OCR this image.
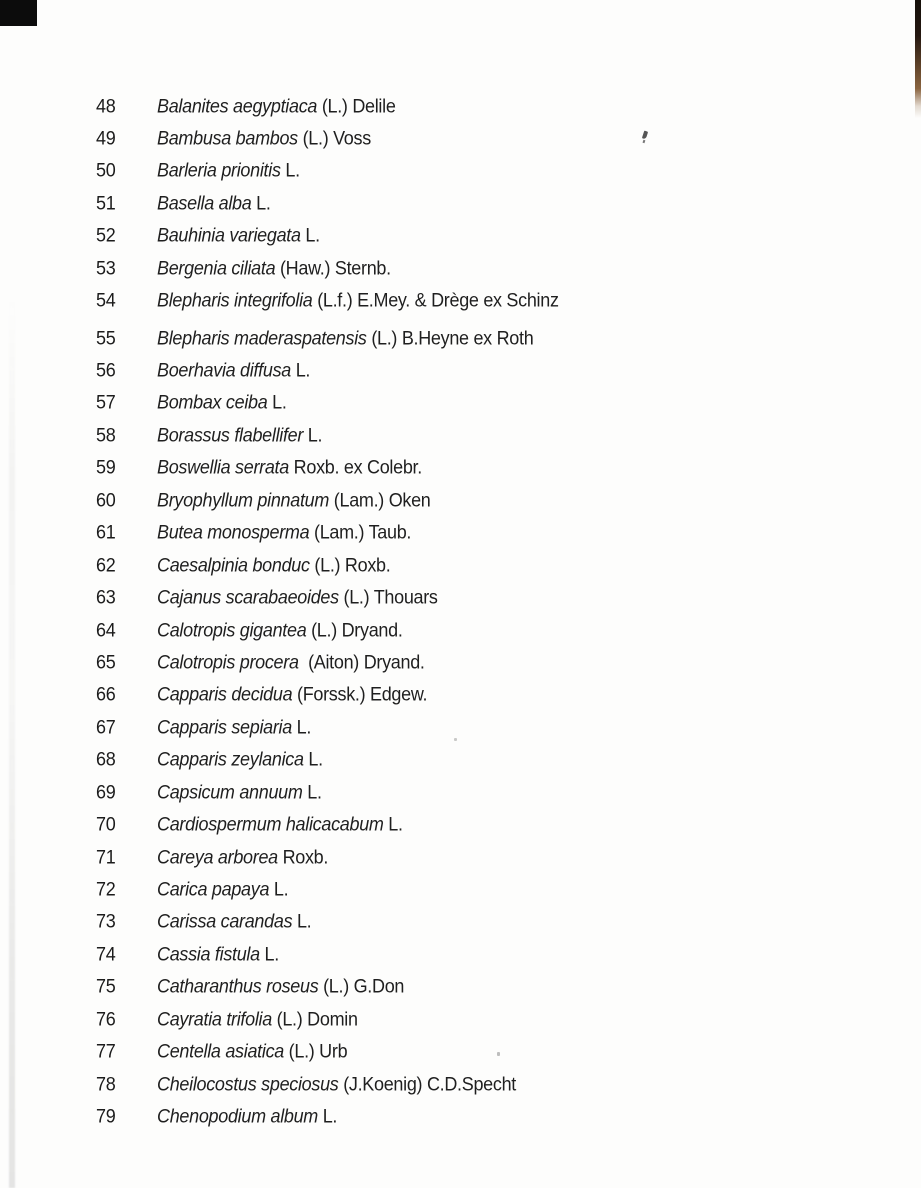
48	Balanites aegyptiaca (L.) Delile
49	Bambusa bambos (L.) Voss
50	Barleria prionitis L.
51	Basella alba L.
52	Bauhinia variegata L.
53	Bergenia ciliata (Haw.) Sternb.
54	Blepharis integrifolia (L.f.) E.Mey. & Drège ex Schinz
55	Blepharis maderaspatensis (L.) B.Heyne ex Roth
56	Boerhavia diffusa L.
57	Bombax ceiba L.
58	Borassus flabellifer L.
59	Boswellia serrata Roxb. ex Colebr.
60	Bryophyllum pinnatum (Lam.) Oken
61	Butea monosperma (Lam.) Taub.
62	Caesalpinia bonduc (L.) Roxb.
63	Cajanus scarabaeoides (L.) Thouars
64	Calotropis gigantea (L.) Dryand.
65	Calotropis procera  (Aiton) Dryand.
66	Capparis decidua (Forssk.) Edgew.
67	Capparis sepiaria L.
68	Capparis zeylanica L.
69	Capsicum annuum L.
70	Cardiospermum halicacabum L.
71	Careya arborea Roxb.
72	Carica papaya L.
73	Carissa carandas L.
74	Cassia fistula L.
75	Catharanthus roseus (L.) G.Don
76	Cayratia trifolia (L.) Domin
77	Centella asiatica (L.) Urb
78	Cheilocostus speciosus (J.Koenig) C.D.Specht
79	Chenopodium album L.
